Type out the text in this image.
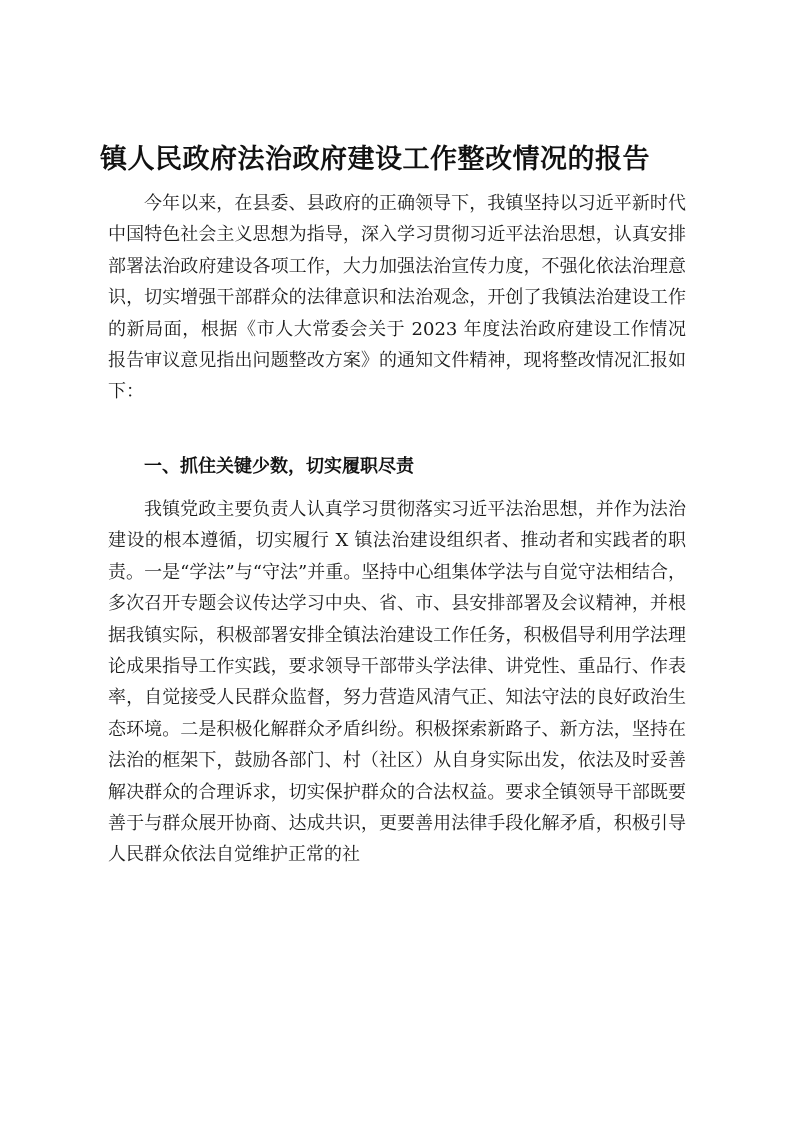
镇人民政府法治政府建设工作整改情况的报告

今年以来，在县委、县政府的正确领导下，我镇坚持以习近平新时代中国特色社会主义思想为指导，深入学习贯彻习近平法治思想，认真安排部署法治政府建设各项工作，大力加强法治宣传力度，不强化依法治理意识，切实增强干部群众的法律意识和法治观念，开创了我镇法治建设工作的新局面，根据《市人大常委会关于 2023 年度法治政府建设工作情况报告审议意见指出问题整改方案》的通知文件精神，现将整改情况汇报如下：

一、抓住关键少数，切实履职尽责

我镇党政主要负责人认真学习贯彻落实习近平法治思想，并作为法治建设的根本遵循，切实履行 X 镇法治建设组织者、推动者和实践者的职责。一是“学法”与“守法”并重。坚持中心组集体学法与自觉守法相结合，多次召开专题会议传达学习中央、省、市、县安排部署及会议精神，并根据我镇实际，积极部署安排全镇法治建设工作任务，积极倡导利用学法理论成果指导工作实践，要求领导干部带头学法律、讲党性、重品行、作表率，自觉接受人民群众监督，努力营造风清气正、知法守法的良好政治生态环境。二是积极化解群众矛盾纠纷。积极探索新路子、新方法，坚持在法治的框架下，鼓励各部门、村（社区）从自身实际出发，依法及时妥善解决群众的合理诉求，切实保护群众的合法权益。要求全镇领导干部既要善于与群众展开协商、达成共识，更要善用法律手段化解矛盾，积极引导人民群众依法自觉维护正常的社
